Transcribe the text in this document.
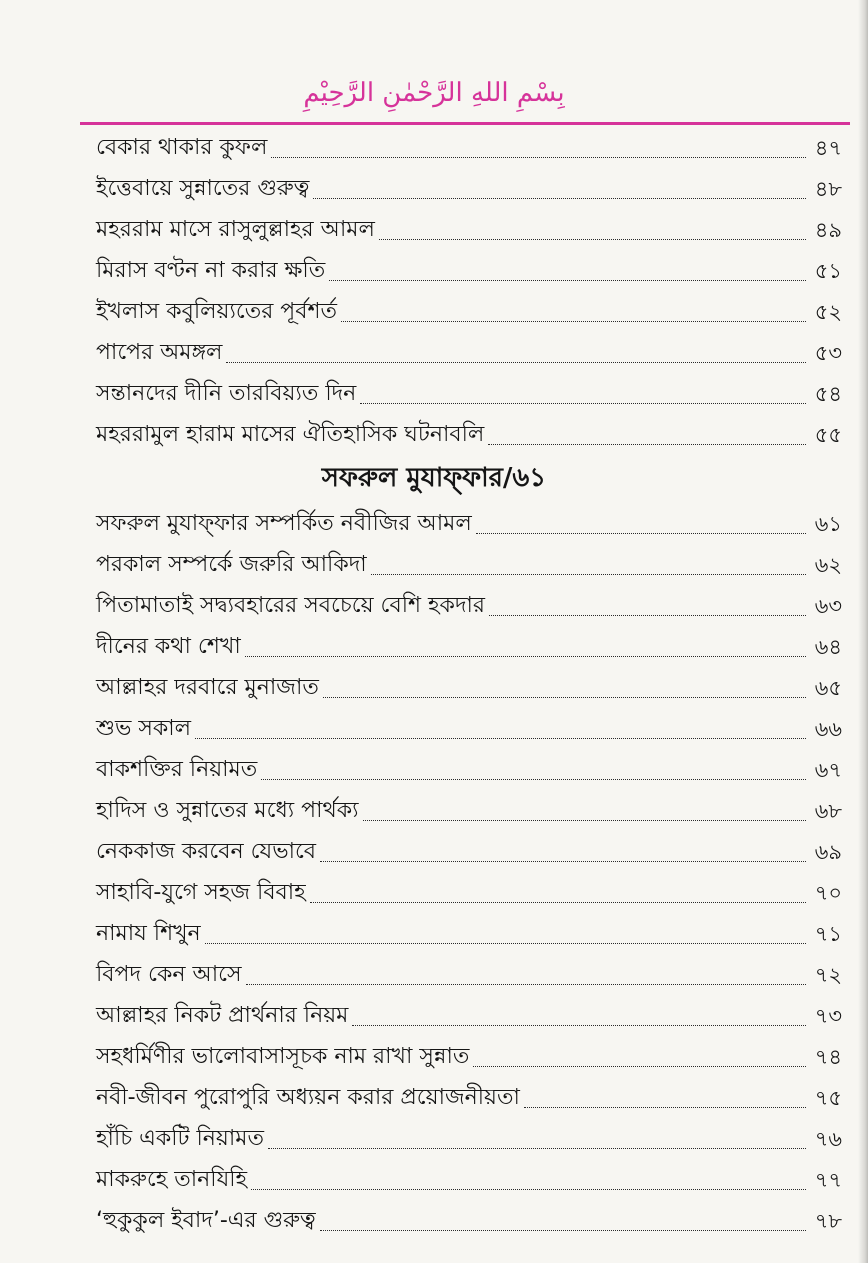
بِسْمِ اللهِ الرَّحْمٰنِ الرَّحِيْمِ
বেকার থাকার কুফল	৪৭
ইত্তেবায়ে সুন্নাতের গুরুত্ব	৪৮
মহররাম মাসে রাসুলুল্লাহর আমল	৪৯
মিরাস বণ্টন না করার ক্ষতি	৫১
ইখলাস কবুলিয়্যতের পূর্বশর্ত	৫২
পাপের অমঙ্গল	৫৩
সন্তানদের দীনি তারবিয়্যত দিন	৫৪
মহররামুল হারাম মাসের ঐতিহাসিক ঘটনাবলি	৫৫
সফরুল মুযাফ্ফার/৬১
সফরুল মুযাফ্ফার সম্পর্কিত নবীজির আমল	৬১
পরকাল সম্পর্কে জরুরি আকিদা	৬২
পিতামাতাই সদ্ব্যবহারের সবচেয়ে বেশি হকদার	৬৩
দীনের কথা শেখা	৬৪
আল্লাহর দরবারে মুনাজাত	৬৫
শুভ সকাল	৬৬
বাকশক্তির নিয়ামত	৬৭
হাদিস ও সুন্নাতের মধ্যে পার্থক্য	৬৮
নেককাজ করবেন যেভাবে	৬৯
সাহাবি-যুগে সহজ বিবাহ	৭০
নামায শিখুন	৭১
বিপদ কেন আসে	৭২
আল্লাহর নিকট প্রার্থনার নিয়ম	৭৩
সহধর্মিণীর ভালোবাসাসূচক নাম রাখা সুন্নাত	৭৪
নবী-জীবন পুরোপুরি অধ্যয়ন করার প্রয়োজনীয়তা	৭৫
হাঁচি একটি নিয়ামত	৭৬
মাকরুহে তানযিহি	৭৭
‘হুকুকুল ইবাদ’-এর গুরুত্ব	৭৮
